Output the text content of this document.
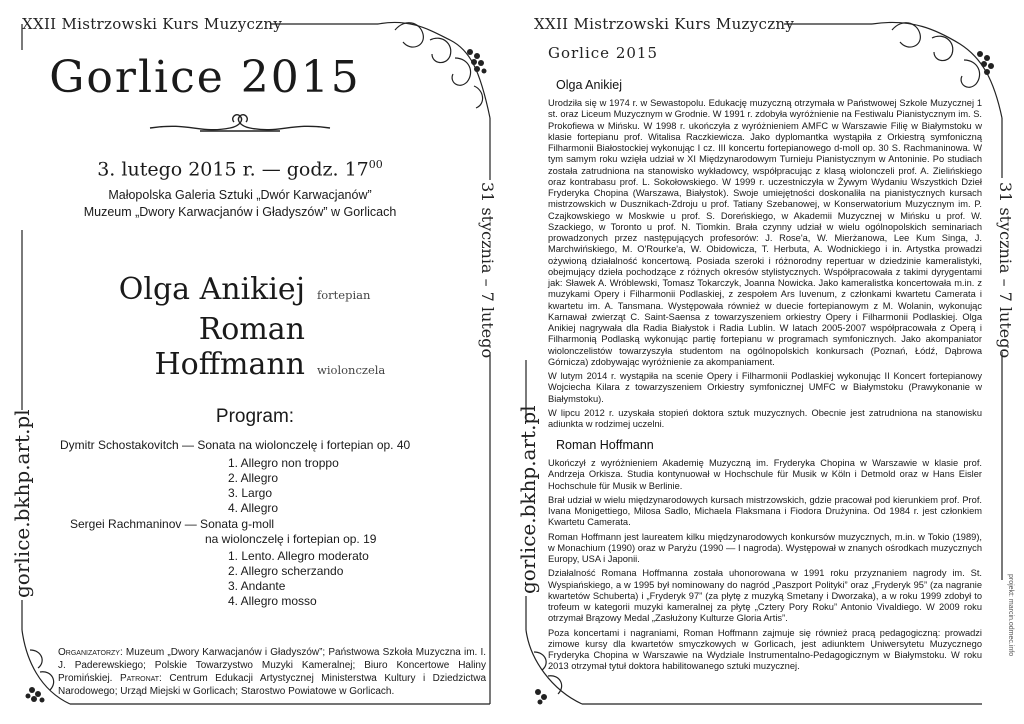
XXII Mistrzowski Kurs Muzyczny
Gorlice 2015
3. lutego 2015 r. — godz. $17^{00}$
Małopolska Galeria Sztuki „Dwór Karwacjanów”
Muzeum „Dwory Karwacjanów i Gładyszów” w Gorlicach	31 stycznia – 7 lutego
gorlice.bkhp.art.pl
Olga Anikiej fortepian
Roman Hoffmann wiolonczela
Program:
Dymitr Schostakovitch — Sonata na wiolonczelę i fortepian op. 40
1. Allegro non troppo
2. Allegro
3. Largo
4. Allegro
Sergei Rachmaninov — Sonata g-moll
na wiolonczelę i fortepian op. 19
1. Lento. Allegro moderato
2. Allegro scherzando
3. Andante
4. Allegro mosso
Organizatorzy: Muzeum „Dwory Karwacjanów i Gładyszów”; Państwowa Szkoła Muzyczna im. I. J. Paderewskiego; Polskie Towarzystwo Muzyki Kameralnej; Biuro Koncertowe Haliny Promińskiej. Patronat: Centrum Edukacji Artystycznej Ministerstwa Kultury i Dziedzictwa Narodowego; Urząd Miejski w Gorlicach; Starostwo Powiatowe w Gorlicach.
XXII Mistrzowski Kurs Muzyczny
Gorlice 2015
31 stycznia – 7 lutego
gorlice.bkhp.art.pl
projekt: marcin.odmec.info
Olga Anikiej

Urodziła się w 1974 r. w Sewastopolu. Edukację muzyczną otrzymała w Państwowej Szkole Muzycznej 1 st. oraz Liceum Muzycznym w Grodnie. W 1991 r. zdobyła wyróżnienie na Festiwalu Pianistycznym im. S. Prokofiewa w Mińsku. W 1998 r. ukończyła z wyróżnieniem AMFC w Warszawie Filię w Białymstoku w klasie fortepianu prof. Witalisa Raczkiewicza. Jako dyplomantka wystąpiła z Orkiestrą symfoniczną Filharmonii Białostockiej wykonując I cz. III koncertu fortepianowego d-moll op. 30 S. Rachmaninowa. W tym samym roku wzięła udział w XI Międzynarodowym Turnieju Pianistycznym w Antoninie. Po studiach została zatrudniona na stanowisko wykładowcy, współpracując z klasą wiolonczeli prof. A. Zielińskiego oraz kontrabasu prof. L. Sokołowskiego. W 1999 r. uczestniczyła w Żywym Wydaniu Wszystkich Dzieł Fryderyka Chopina (Warszawa, Białystok). Swoje umiejętności doskonaliła na pianistycznych kursach mistrzowskich w Dusznikach-Zdroju u prof. Tatiany Szebanowej, w Konserwatorium Muzycznym im. P. Czajkowskiego w Moskwie u prof. S. Doreńskiego, w Akademii Muzycznej w Mińsku u prof. W. Szackiego, w Toronto u prof. N. Tiomkin. Brała czynny udział w wielu ogólnopolskich seminariach prowadzonych przez następujących profesorów: J. Rose'a, W. Mierżanowa, Lee Kum Singa, J. Marchwińskiego, M. O'Rourke'a, W. Obidowicza, T. Herbuta, A. Wodnickiego i in. Artystka prowadzi ożywioną działalność koncertową. Posiada szeroki i różnorodny repertuar w dziedzinie kameralistyki, obejmujący dzieła pochodzące z różnych okresów stylistycznych. Współpracowała z takimi dyrygentami jak: Sławek A. Wróblewski, Tomasz Tokarczyk, Joanna Nowicka. Jako kameralistka koncertowała m.in. z muzykami Opery i Filharmonii Podlaskiej, z zespołem Ars Iuvenum, z członkami kwartetu Camerata i kwartetu im. A. Tansmana. Występowała również w duecie fortepianowym z M. Wolanin, wykonując Karnawał zwierząt C. Saint-Saensa z towarzyszeniem orkiestry Opery i Filharmonii Podlaskiej. Olga Anikiej nagrywała dla Radia Białystok i Radia Lublin. W latach 2005-2007 współpracowała z Operą i Filharmonią Podlaską wykonując partię fortepianu w programach symfonicznych. Jako akompaniator wiolonczelistów towarzyszyła studentom na ogólnopolskich konkursach (Poznań, Łódź, Dąbrowa Górnicza) zdobywając wyróżnienie za akompaniament.

W lutym 2014 r. wystąpiła na scenie Opery i Filharmonii Podlaskiej wykonując II Koncert fortepianowy Wojciecha Kilara z towarzyszeniem Orkiestry symfonicznej UMFC w Białymstoku (Prawykonanie w Białymstoku).

W lipcu 2012 r. uzyskała stopień doktora sztuk muzycznych. Obecnie jest zatrudniona na stanowisku adiunkta w rodzimej uczelni.

Roman Hoffmann

Ukończył z wyróżnieniem Akademię Muzyczną im. Fryderyka Chopina w Warszawie w klasie prof. Andrzeja Orkisza. Studia kontynuował w Hochschule für Musik w Köln i Detmold oraz w Hans Eisler Hochschule für Musik w Berlinie.

Brał udział w wielu międzynarodowych kursach mistrzowskich, gdzie pracował pod kierunkiem prof. Prof. Ivana Monigettiego, Milosa Sadlo, Michaela Flaksmana i Fiodora Drużynina. Od 1984 r. jest członkiem Kwartetu Camerata.

Roman Hoffmann jest laureatem kilku międzynarodowych konkursów muzycznych, m.in. w Tokio (1989), w Monachium (1990) oraz w Paryżu (1990 — I nagroda). Występował w znanych ośrodkach muzycznych Europy, USA i Japonii.

Działalność Romana Hoffmanna została uhonorowana w 1991 roku przyznaniem nagrody im. St. Wyspiańskiego, a w 1995 był nominowany do nagród „Paszport Polityki” oraz „Fryderyk 95” (za nagranie kwartetów Schuberta) i „Fryderyk 97” (za płytę z muzyką Smetany i Dworzaka), a w roku 1999 zdobył to trofeum w kategorii muzyki kameralnej za płytę „Cztery Pory Roku” Antonio Vivaldiego. W 2009 roku otrzymał Brązowy Medal „Zasłużony Kulturze Gloria Artis”.

Poza koncertami i nagraniami, Roman Hoffmann zajmuje się również pracą pedagogiczną: prowadzi zimowe kursy dla kwartetów smyczkowych w Gorlicach, jest adiunktem Uniwersytetu Muzycznego Fryderyka Chopina w Warszawie na Wydziale Instrumentalno-Pedagogicznym w Białymstoku. W roku 2013 otrzymał tytuł doktora habilitowanego sztuki muzycznej.
